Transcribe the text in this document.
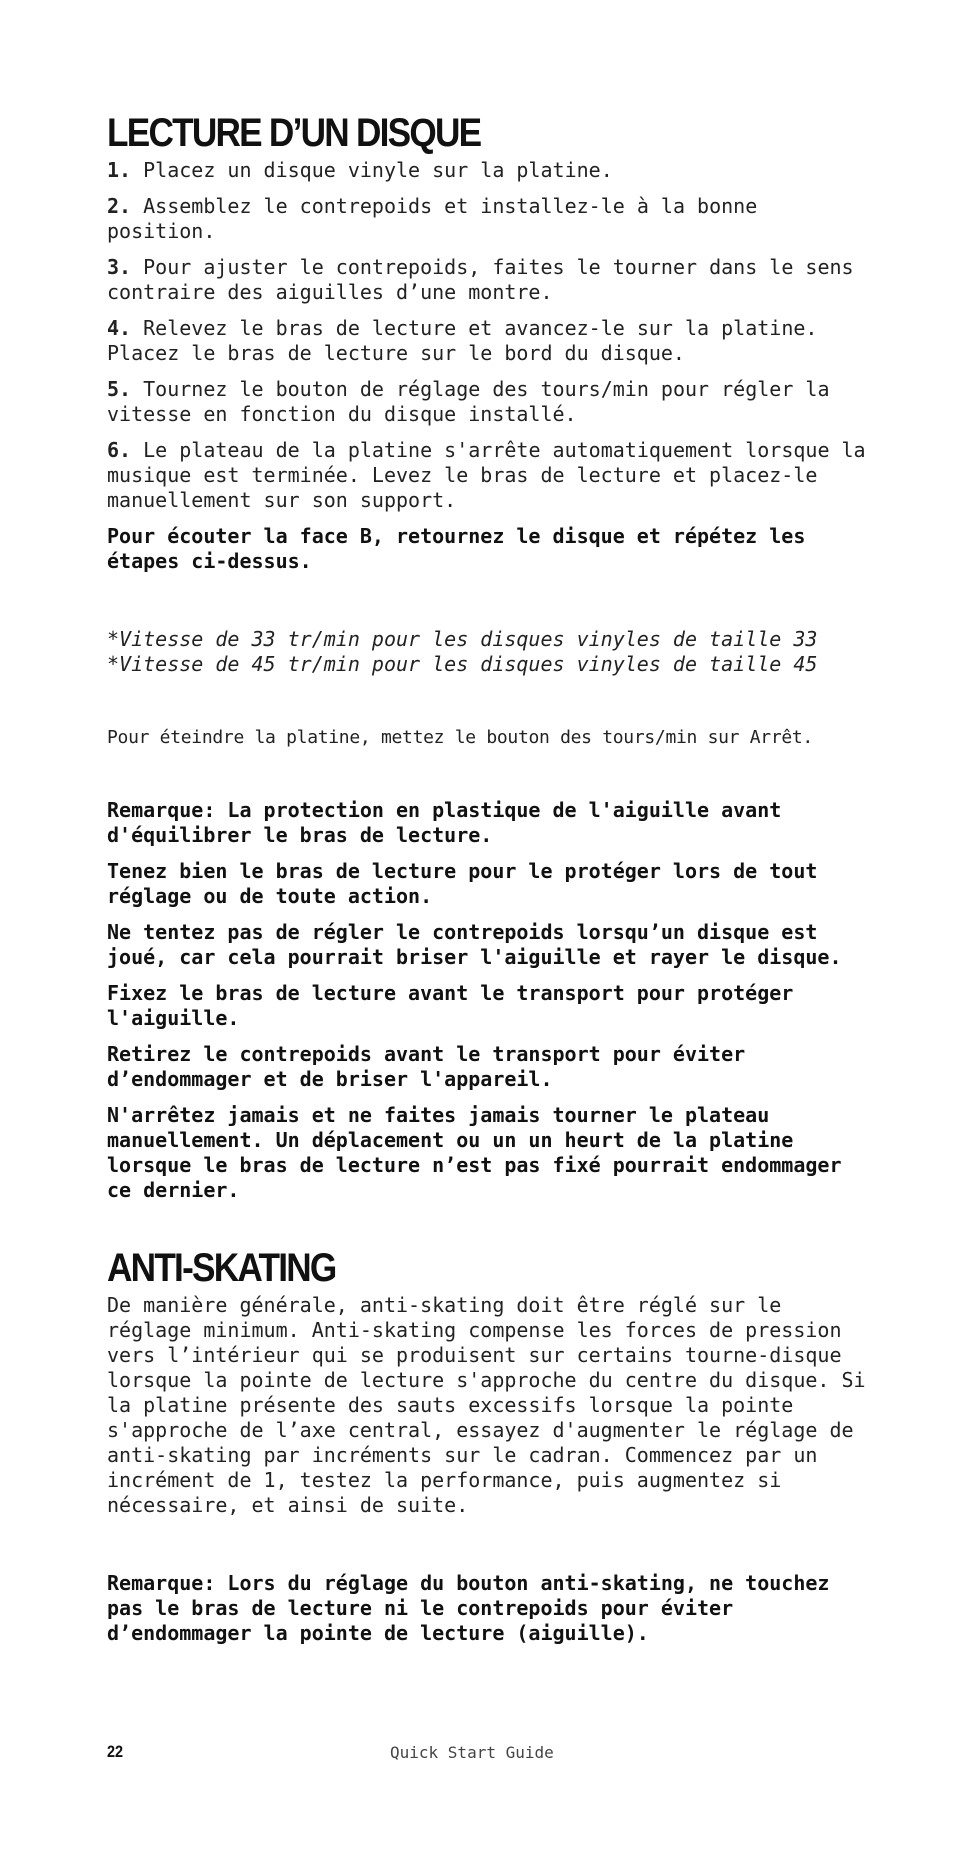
LECTURE D’UN DISQUE

1. Placez un disque vinyle sur la platine.

2. Assemblez le contrepoids et installez-le à la bonne position.

3. Pour ajuster le contrepoids, faites le tourner dans le sens contraire des aiguilles d’une montre.

4. Relevez le bras de lecture et avancez-le sur la platine. Placez le bras de lecture sur le bord du disque.

5. Tournez le bouton de réglage des tours/min pour régler la vitesse en fonction du disque installé.

6. Le plateau de la platine s'arrête automatiquement lorsque la musique est terminée. Levez le bras de lecture et placez-le manuellement sur son support.

Pour écouter la face B, retournez le disque et répétez les étapes ci-dessus.

*Vitesse de 33 tr/min pour les disques vinyles de taille 33
*Vitesse de 45 tr/min pour les disques vinyles de taille 45
Pour éteindre la platine, mettez le bouton des tours/min sur Arrêt.

Remarque: La protection en plastique de l'aiguille avant d'équilibrer le bras de lecture.

Tenez bien le bras de lecture pour le protéger lors de tout réglage ou de toute action.

Ne tentez pas de régler le contrepoids lorsqu’un disque est joué, car cela pourrait briser l'aiguille et rayer le disque.

Fixez le bras de lecture avant le transport pour protéger l'aiguille.

Retirez le contrepoids avant le transport pour éviter d’endommager et de briser l'appareil.

N'arrêtez jamais et ne faites jamais tourner le plateau manuellement. Un déplacement ou un un heurt de la platine lorsque le bras de lecture n’est pas fixé pourrait endommager ce dernier.

ANTI-SKATING

De manière générale, anti-skating doit être réglé sur le réglage minimum. Anti-skating compense les forces de pression vers l’intérieur qui se produisent sur certains tourne-disque lorsque la pointe de lecture s'approche du centre du disque. Si la platine présente des sauts excessifs lorsque la pointe s'approche de l’axe central, essayez d'augmenter le réglage de anti-skating par incréments sur le cadran. Commencez par un incrément de 1, testez la performance, puis augmentez si nécessaire, et ainsi de suite.

Remarque: Lors du réglage du bouton anti-skating, ne touchez pas le bras de lecture ni le contrepoids pour éviter d’endommager la pointe de lecture (aiguille).

22	Quick Start Guide
